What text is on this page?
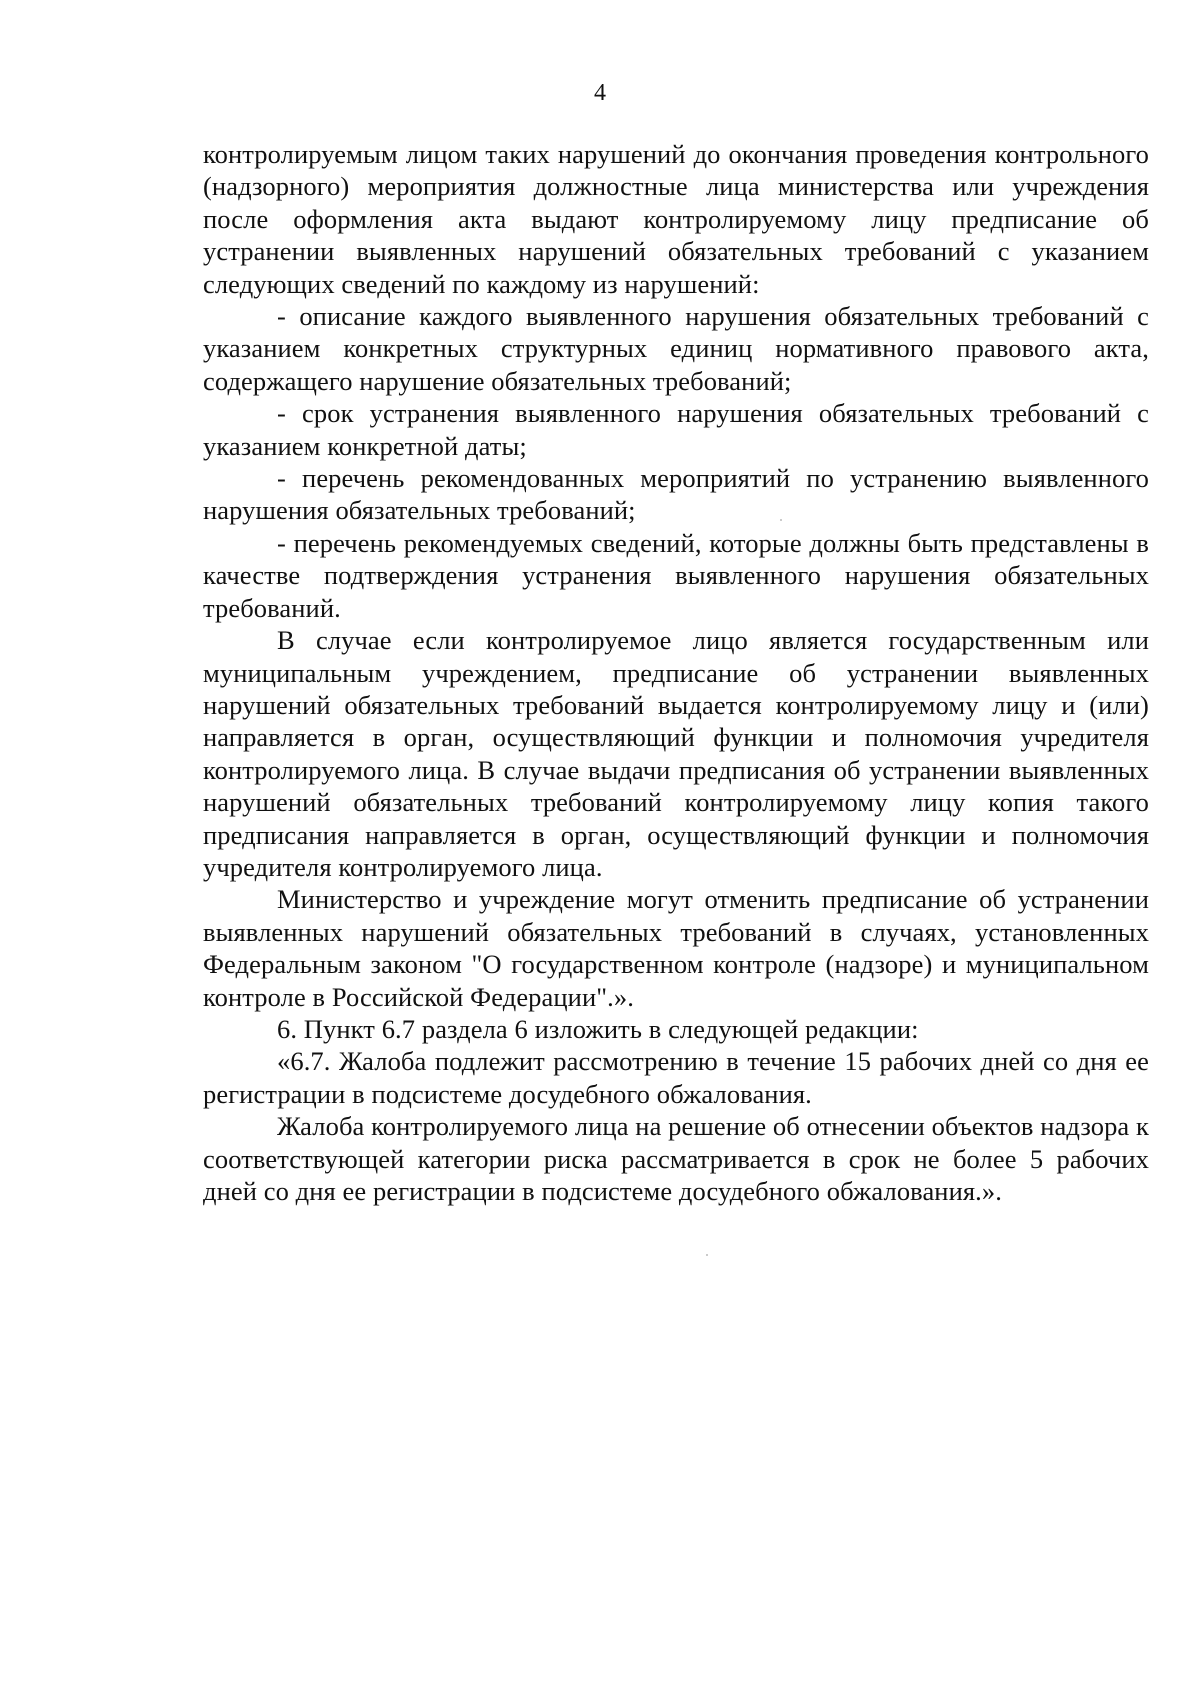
4

контролируемым лицом таких нарушений до окончания проведения контрольного (надзорного) мероприятия должностные лица министерства или учреждения после оформления акта выдают контролируемому лицу предписание об устранении выявленных нарушений обязательных требований с указанием следующих сведений по каждому из нарушений:

- описание каждого выявленного нарушения обязательных требований с указанием конкретных структурных единиц нормативного правового акта, содержащего нарушение обязательных требований;

- срок устранения выявленного нарушения обязательных требований с указанием конкретной даты;

- перечень рекомендованных мероприятий по устранению выявленного нарушения обязательных требований;

- перечень рекомендуемых сведений, которые должны быть представлены в качестве подтверждения устранения выявленного нарушения обязательных требований.

В случае если контролируемое лицо является государственным или муниципальным учреждением, предписание об устранении выявленных нарушений обязательных требований выдается контролируемому лицу и (или) направляется в орган, осуществляющий функции и полномочия учредителя контролируемого лица. В случае выдачи предписания об устранении выявленных нарушений обязательных требований контролируемому лицу копия такого предписания направляется в орган, осуществляющий функции и полномочия учредителя контролируемого лица.

Министерство и учреждение могут отменить предписание об устранении выявленных нарушений обязательных требований в случаях, установленных Федеральным законом "О государственном контроле (надзоре) и муниципальном контроле в Российской Федерации".».

6. Пункт 6.7 раздела 6 изложить в следующей редакции:

«6.7. Жалоба подлежит рассмотрению в течение 15 рабочих дней со дня ее регистрации в подсистеме досудебного обжалования.

Жалоба контролируемого лица на решение об отнесении объектов надзора к соответствующей категории риска рассматривается в срок не более 5 рабочих дней со дня ее регистрации в подсистеме досудебного обжалования.».
